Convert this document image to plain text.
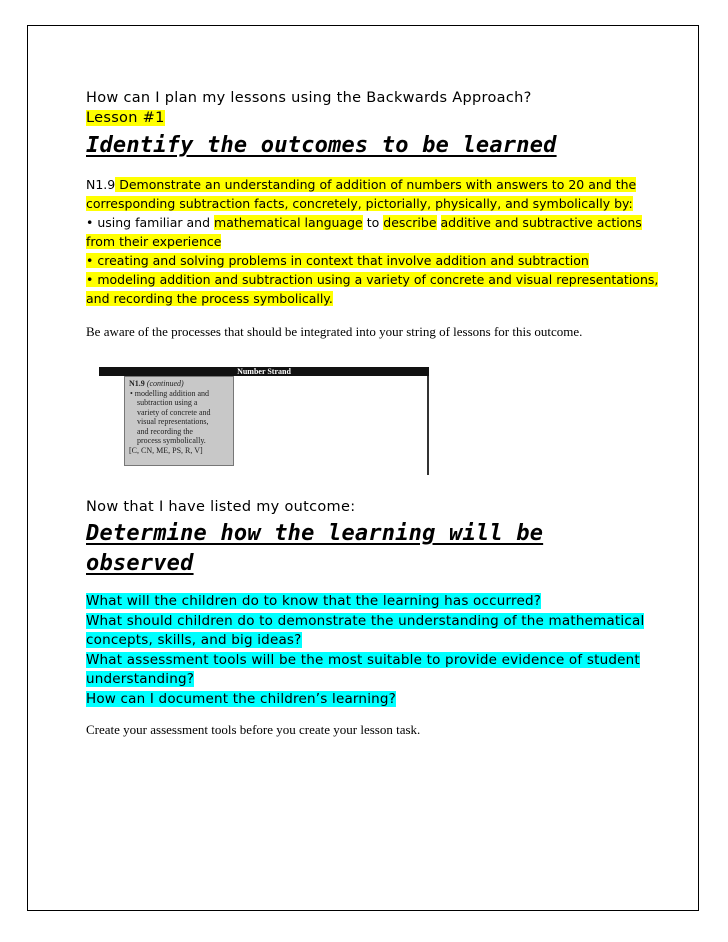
How can I plan my lessons using the Backwards Approach?
Lesson #1
Identify the outcomes to be learned
N1.9 Demonstrate an understanding of addition of numbers with answers to 20 and the
corresponding subtraction facts, concretely, pictorially, physically, and symbolically by:
• using familiar and mathematical language to describe additive and subtractive actions
from their experience
• creating and solving problems in context that involve addition and subtraction
• modeling addition and subtraction using a variety of concrete and visual representations,
and recording the process symbolically.
Be aware of the processes that should be integrated into your string of lessons for this outcome.
Number Strand
N1.9 (continued)
• modelling addition and
subtraction using a
variety of concrete and
visual representations,
and recording the
process symbolically.
[C, CN, ME, PS, R, V]
Now that I have listed my outcome:
Determine how the learning will be observed
What will the children do to know that the learning has occurred?
What should children do to demonstrate the understanding of the mathematical
concepts, skills, and big ideas?
What assessment tools will be the most suitable to provide evidence of student
understanding?
How can I document the children’s learning?
Create your assessment tools before you create your lesson task.
